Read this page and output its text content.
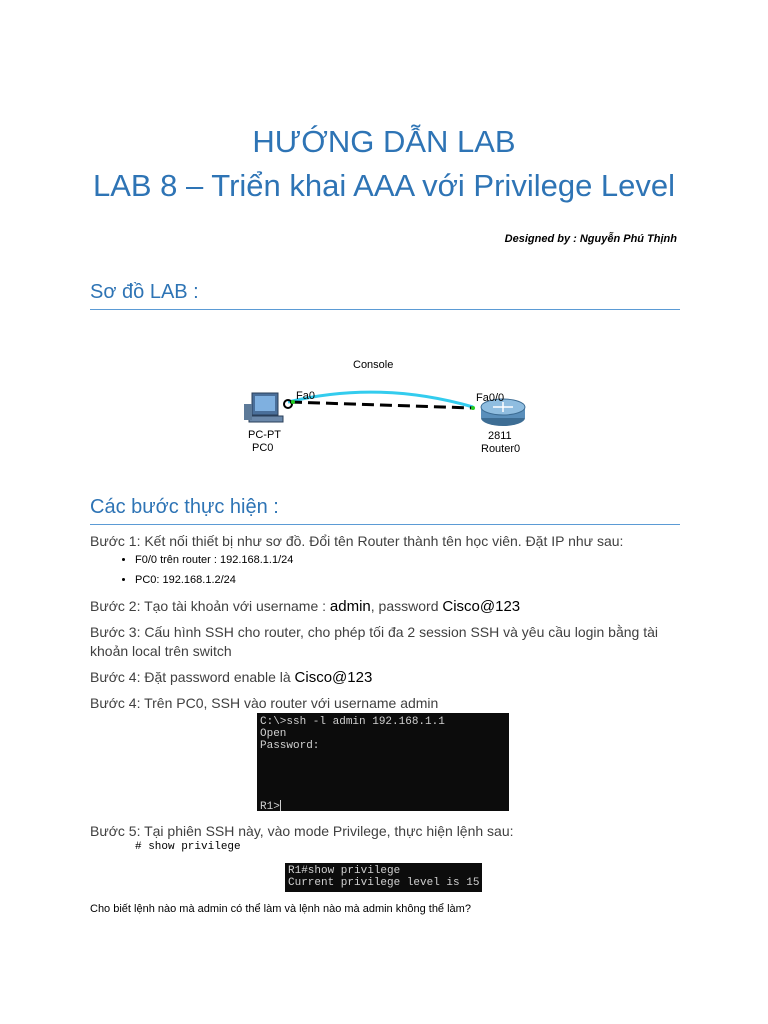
HƯỚNG DẪN LAB
LAB 8 – Triển khai AAA với Privilege Level
Designed by : Nguyễn Phú Thịnh
Sơ đồ LAB :
Console
Fa0
PC-PT
PC0
Fa0/0
2811
Router0
Các bước thực hiện :

Bước 1: Kết nối thiết bị như sơ đồ. Đổi tên Router thành tên học viên. Đặt IP như sau:

• F0/0 trên router : 192.168.1.1/24
• PC0: 192.168.1.2/24

Bước 2: Tạo tài khoản với username : admin, password Cisco@123

Bước 3: Cấu hình SSH cho router, cho phép tối đa 2 session SSH và yêu cầu login bằng tài khoản local trên switch

Bước 4: Đặt password enable là Cisco@123

Bước 4: Trên PC0, SSH vào router với username admin

C:\>ssh -l admin 192.168.1.1
Open
Password:
R1>

Bước 5: Tại phiên SSH này, vào mode Privilege, thực hiện lệnh sau:

# show privilege
R1#show privilege
Current privilege level is 15

Cho biết lệnh nào mà admin có thể làm và lệnh nào mà admin không thể làm?
